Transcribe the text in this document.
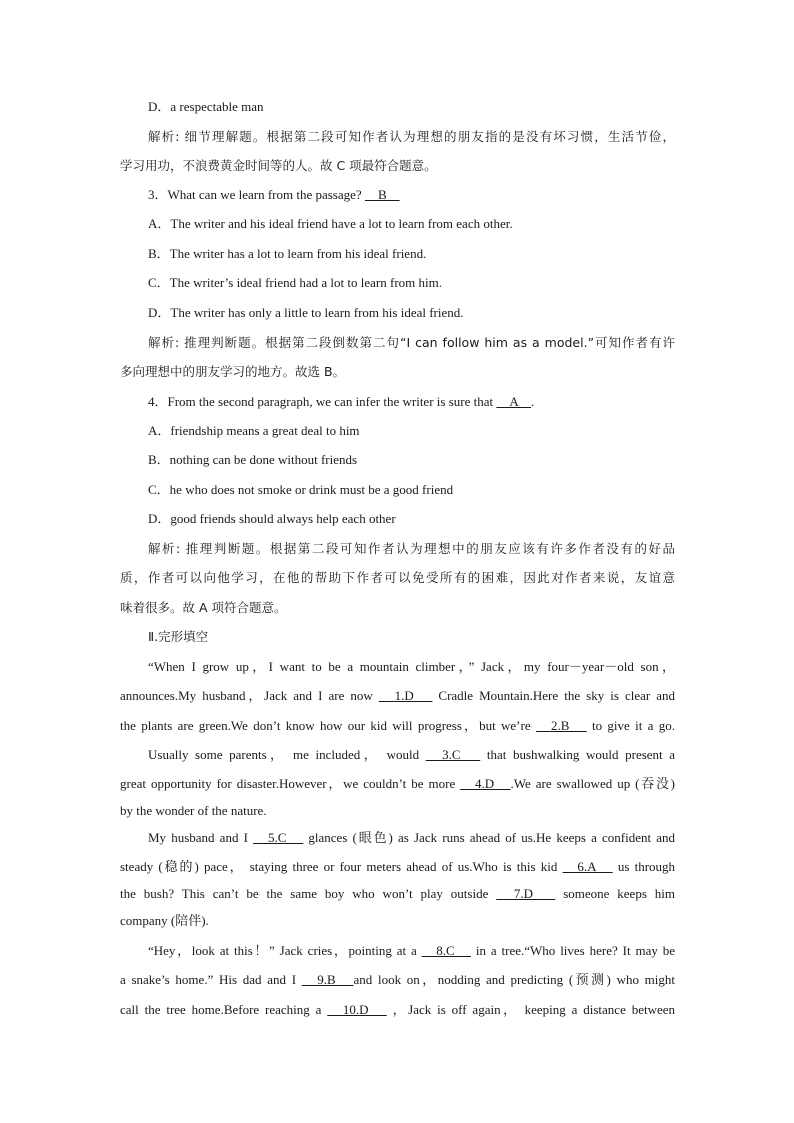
D．a respectable man
解析: 细节理解题。根据第二段可知作者认为理想的朋友指的是没有坏习惯，生活节俭，
学习用功，不浪费黄金时间等的人。故 C 项最符合题意。
3．What can we learn from the passage? 　B　
A．The writer and his ideal friend have a lot to learn from each other.
B．The writer has a lot to learn from his ideal friend.
C．The writer’s ideal friend had a lot to learn from him.
D．The writer has only a little to learn from his ideal friend.
解析: 推理判断题。根据第二段倒数第二句“I can follow him as a model.”可知作者有许
多向理想中的朋友学习的地方。故选 B。
4．From the second paragraph, we can infer the writer is sure that 　A　.
A．friendship means a great deal to him
B．nothing can be done without friends
C．he who does not smoke or drink must be a good friend
D．good friends should always help each other
解析: 推理判断题。根据第二段可知作者认为理想中的朋友应该有许多作者没有的好品
质，作者可以向他学习，在他的帮助下作者可以免受所有的困难，因此对作者来说，友谊意
味着很多。故 A 项符合题意。
Ⅱ.完形填空
“When I grow up，I want to be a mountain climber，” Jack，my four－year－old son，
announces.My husband，Jack and I are now 　1.D　 Cradle Mountain.Here the sky is clear and
the plants are green.We don’t know how our kid will progress，but we’re 　2.B　 to give it a go.
Usually some parents， me included， would 　3.C　 that bushwalking would present a
great opportunity for disaster.However，we couldn’t be more 　4.D　.We are swallowed up (吞没)
by the wonder of the nature.
My husband and I 　5.C　 glances (眼色) as Jack runs ahead of us.He keeps a confident and
steady (稳的) pace， staying three or four meters ahead of us.Who is this kid 　6.A　 us through
the bush? This can’t be the same boy who won’t play outside 　7.D　 someone keeps him
company (陪伴).
“Hey，look at this！” Jack cries，pointing at a 　8.C　 in a tree.“Who lives here? It may be
a snake’s home.” His dad and I 　9.B　and look on，nodding and predicting (预测) who might
call the tree home.Before reaching a 　10.D　 ，Jack is off again， keeping a distance between
